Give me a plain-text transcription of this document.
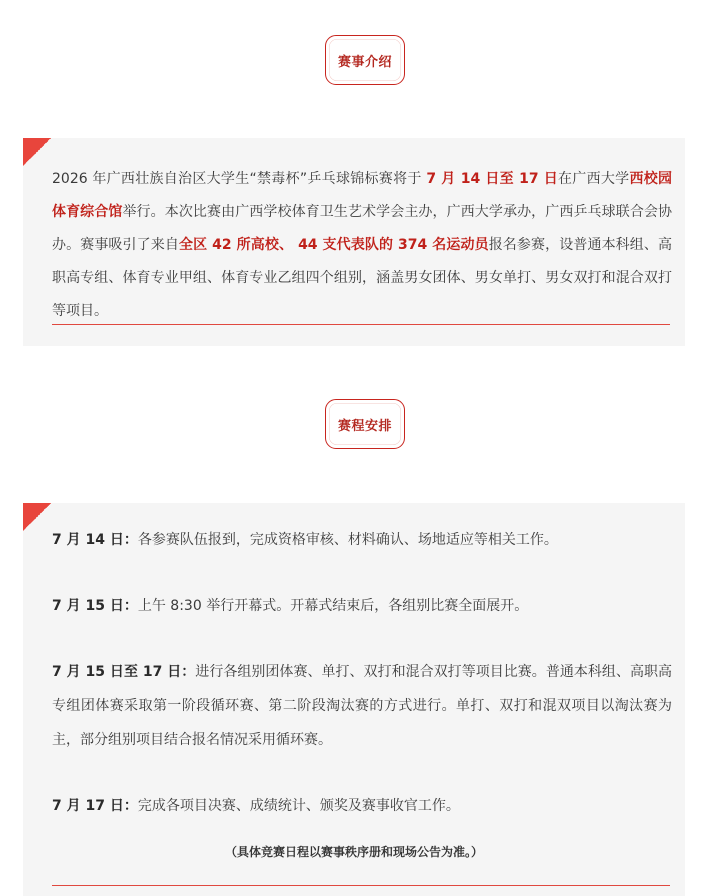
赛事介绍
2026 年广西壮族自治区大学生“禁毒杯”乒乓球锦标赛将于 7 月 14 日至 17 日在广西大学西校园体育综合馆举行。本次比赛由广西学校体育卫生艺术学会主办，广西大学承办，广西乒乓球联合会协办。赛事吸引了来自全区 42 所高校、 44 支代表队的 374 名运动员报名参赛，设普通本科组、高职高专组、体育专业甲组、体育专业乙组四个组别，涵盖男女团体、男女单打、男女双打和混合双打等项目。
赛程安排
7 月 14 日：各参赛队伍报到，完成资格审核、材料确认、场地适应等相关工作。
7 月 15 日：上午 8:30 举行开幕式。开幕式结束后，各组别比赛全面展开。
7 月 15 日至 17 日：进行各组别团体赛、单打、双打和混合双打等项目比赛。普通本科组、高职高专组团体赛采取第一阶段循环赛、第二阶段淘汰赛的方式进行。单打、双打和混双项目以淘汰赛为主，部分组别项目结合报名情况采用循环赛。
7 月 17 日：完成各项目决赛、成绩统计、颁奖及赛事收官工作。
（具体竞赛日程以赛事秩序册和现场公告为准。）
